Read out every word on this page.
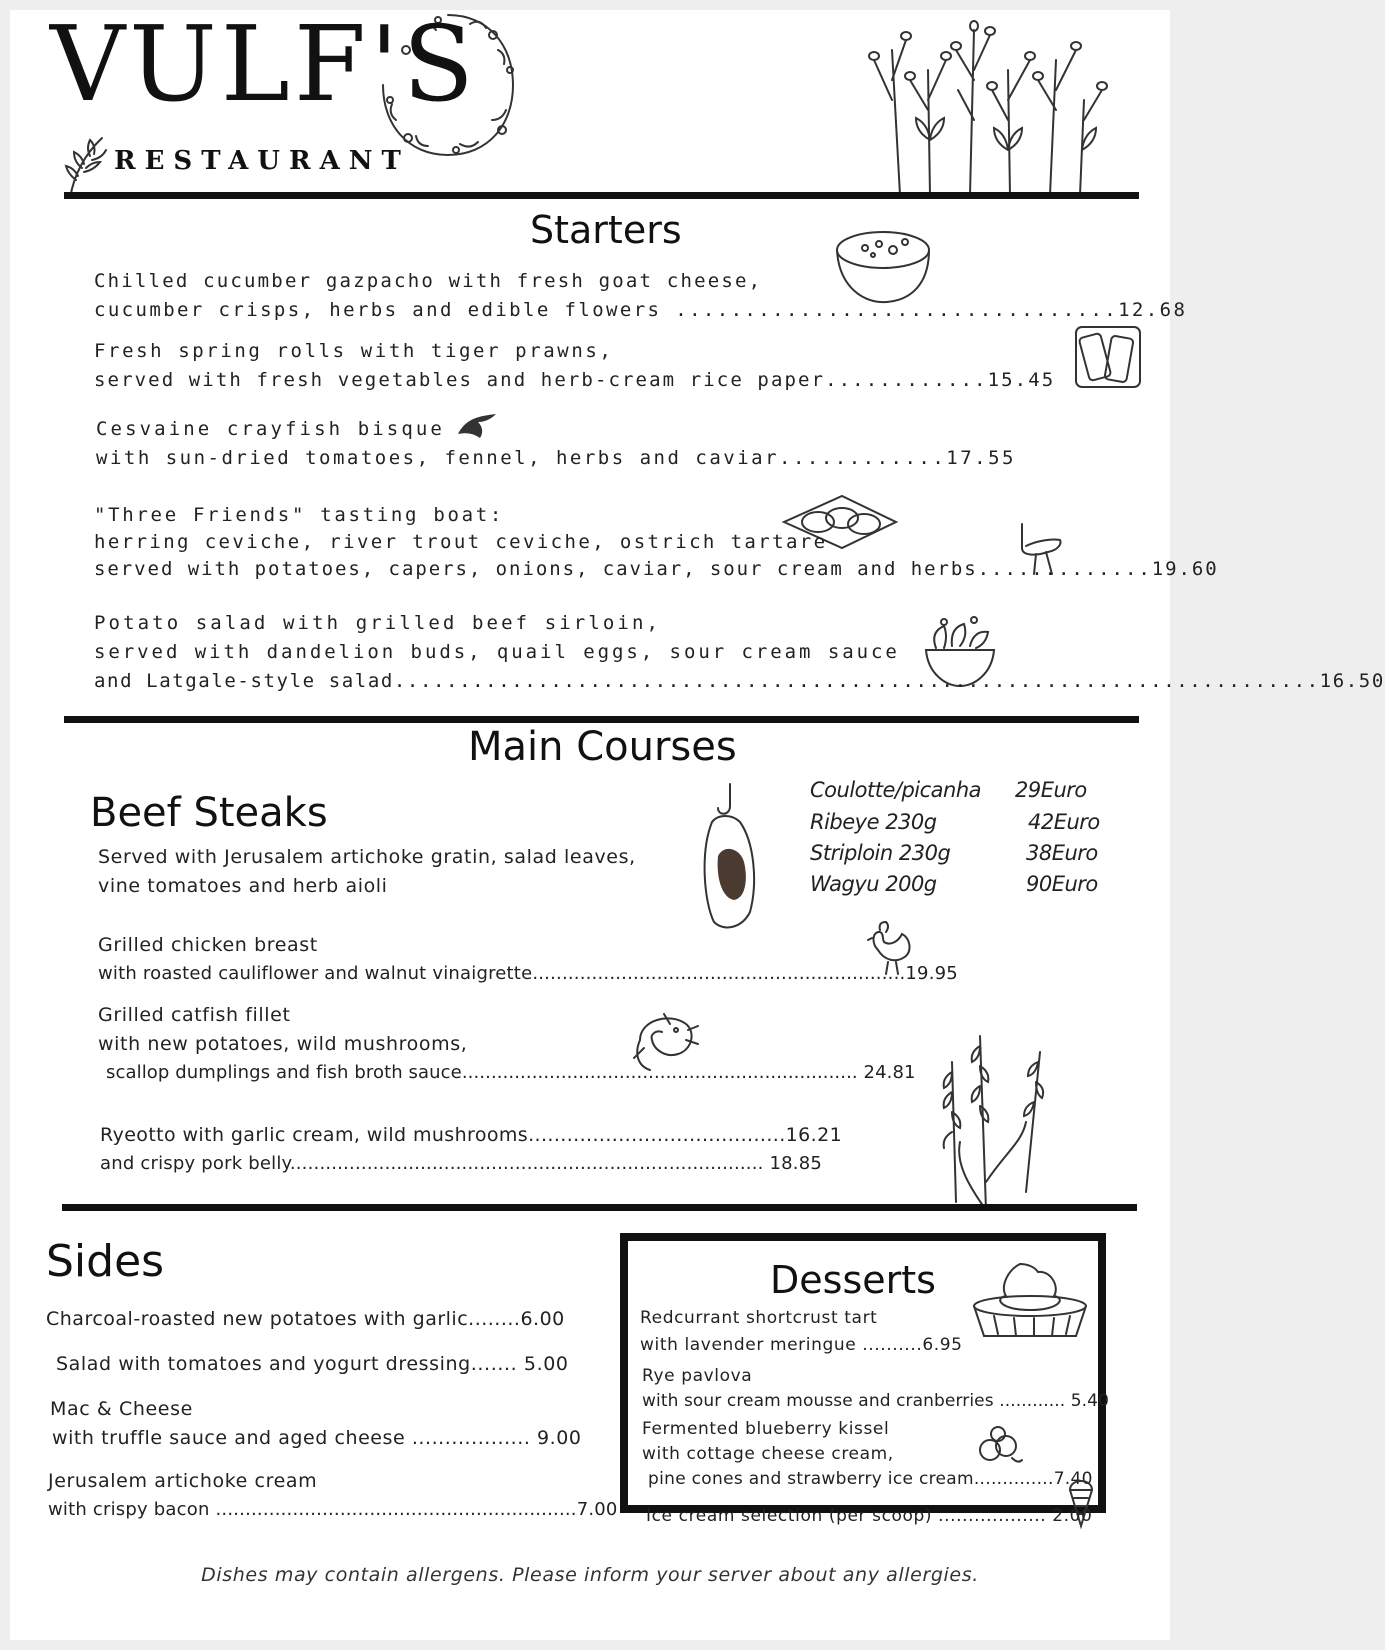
VULF'S
RESTAURANT
Starters
Chilled cucumber gazpacho with fresh goat cheese,
cucumber crisps, herbs and edible flowers ................................12.68
Fresh spring rolls with tiger prawns,
served with fresh vegetables and herb-cream rice paper............15.45
Cesvaine crayfish bisque
with sun-dried tomatoes, fennel, herbs and caviar............17.55
"Three Friends" tasting boat:
herring ceviche, river trout ceviche, ostrich tartare
served with potatoes, capers, onions, caviar, sour cream and herbs.............19.60
Potato salad with grilled beef sirloin,
served with dandelion buds, quail eggs, sour cream sauce
and Latgale-style salad.......................................................................16.50
Main Courses
Beef Steaks
Served with Jerusalem artichoke gratin, salad leaves,
vine tomatoes and herb aioli
Coulotte/picanha 29Euro
Ribeye 230g	42Euro
Striploin 230g	38Euro
Wagyu 200g	90Euro
Grilled chicken breast
with roasted cauliflower and walnut vinaigrette...............................................................19.95
Grilled catfish fillet
with new potatoes, wild mushrooms,
scallop dumplings and fish broth sauce.................................................................... 24.81
Ryeotto with garlic cream, wild mushrooms........................................16.21
and crispy pork belly................................................................................ 18.85
Sides
Charcoal-roasted new potatoes with garlic........6.00
Salad with tomatoes and yogurt dressing....... 5.00
Mac & Cheese
with truffle sauce and aged cheese .................. 9.00
Jerusalem artichoke cream
with crispy bacon .............................................................7.00
Desserts
Redcurrant shortcrust tart
with lavender meringue ..........6.95
Rye pavlova
with sour cream mousse and cranberries ............ 5.40
Fermented blueberry kissel
with cottage cheese cream,
pine cones and strawberry ice cream..............7.40
Ice cream selection (per scoop) .................. 2.00
Dishes may contain allergens. Please inform your server about any allergies.
